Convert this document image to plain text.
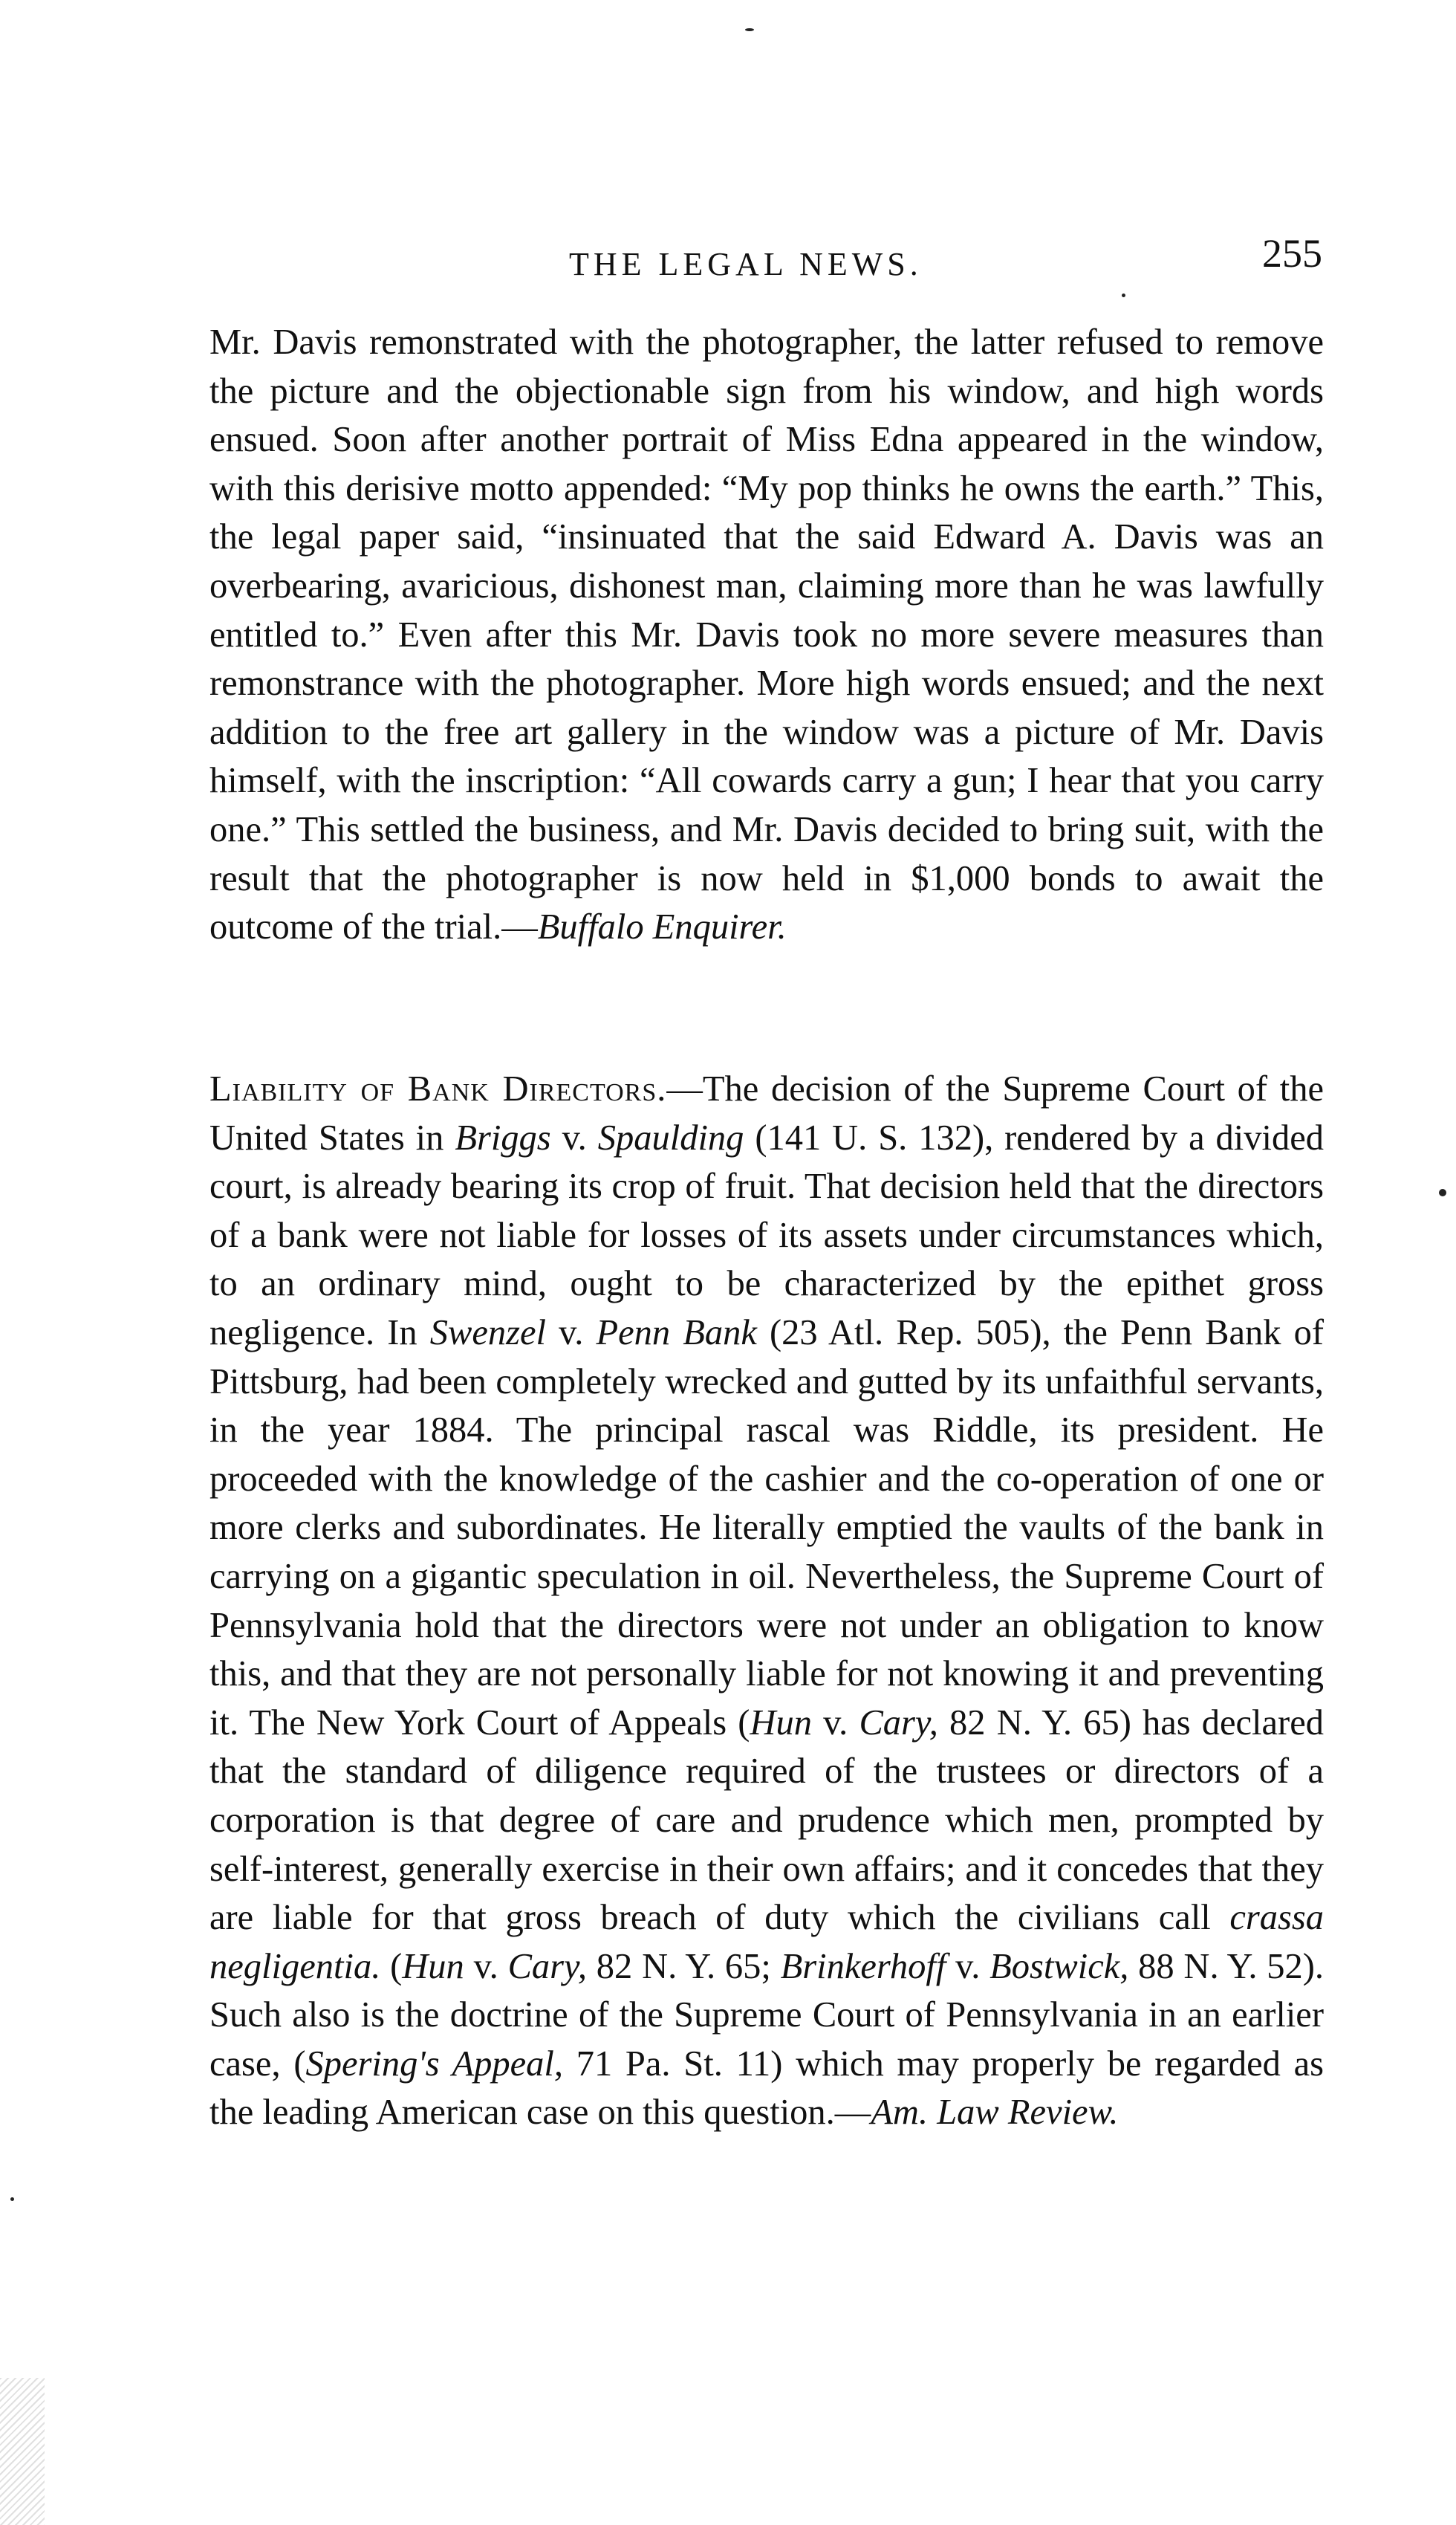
THE LEGAL NEWS.	255

Mr. Davis remonstrated with the photographer, the latter refused to remove the picture and the objectionable sign from his window, and high words ensued. Soon after another portrait of Miss Edna appeared in the window, with this derisive motto appended: “My pop thinks he owns the earth.” This, the legal paper said, “insinuated that the said Edward A. Davis was an overbearing, avaricious, dishonest man, claiming more than he was lawfully entitled to.” Even after this Mr. Davis took no more severe measures than remonstrance with the photographer. More high words ensued; and the next addition to the free art gallery in the window was a picture of Mr. Davis himself, with the inscription: “All cowards carry a gun; I hear that you carry one.” This settled the business, and Mr. Davis decided to bring suit, with the result that the photographer is now held in $1,000 bonds to await the outcome of the trial.—Buffalo Enquirer.

Liability of Bank Directors.—The decision of the Supreme Court of the United States in Briggs v. Spaulding (141 U. S. 132), rendered by a divided court, is already bearing its crop of fruit. That decision held that the directors of a bank were not liable for losses of its assets under circumstances which, to an ordinary mind, ought to be characterized by the epithet gross negligence. In Swenzel v. Penn Bank (23 Atl. Rep. 505), the Penn Bank of Pittsburg, had been completely wrecked and gutted by its unfaithful servants, in the year 1884. The principal rascal was Riddle, its president. He proceeded with the knowledge of the cashier and the co-operation of one or more clerks and subordinates. He literally emptied the vaults of the bank in carrying on a gigantic speculation in oil. Nevertheless, the Supreme Court of Pennsylvania hold that the directors were not under an obligation to know this, and that they are not personally liable for not knowing it and preventing it. The New York Court of Appeals (Hun v. Cary, 82 N. Y. 65) has declared that the standard of diligence required of the trustees or directors of a corporation is that degree of care and prudence which men, prompted by self-interest, generally exercise in their own affairs; and it concedes that they are liable for that gross breach of duty which the civilians call crassa negligentia. (Hun v. Cary, 82 N. Y. 65; Brinkerhoff v. Bostwick, 88 N. Y. 52). Such also is the doctrine of the Supreme Court of Pennsylvania in an earlier case, (Spering's Appeal, 71 Pa. St. 11) which may properly be regarded as the leading American case on this question.—Am. Law Review.
